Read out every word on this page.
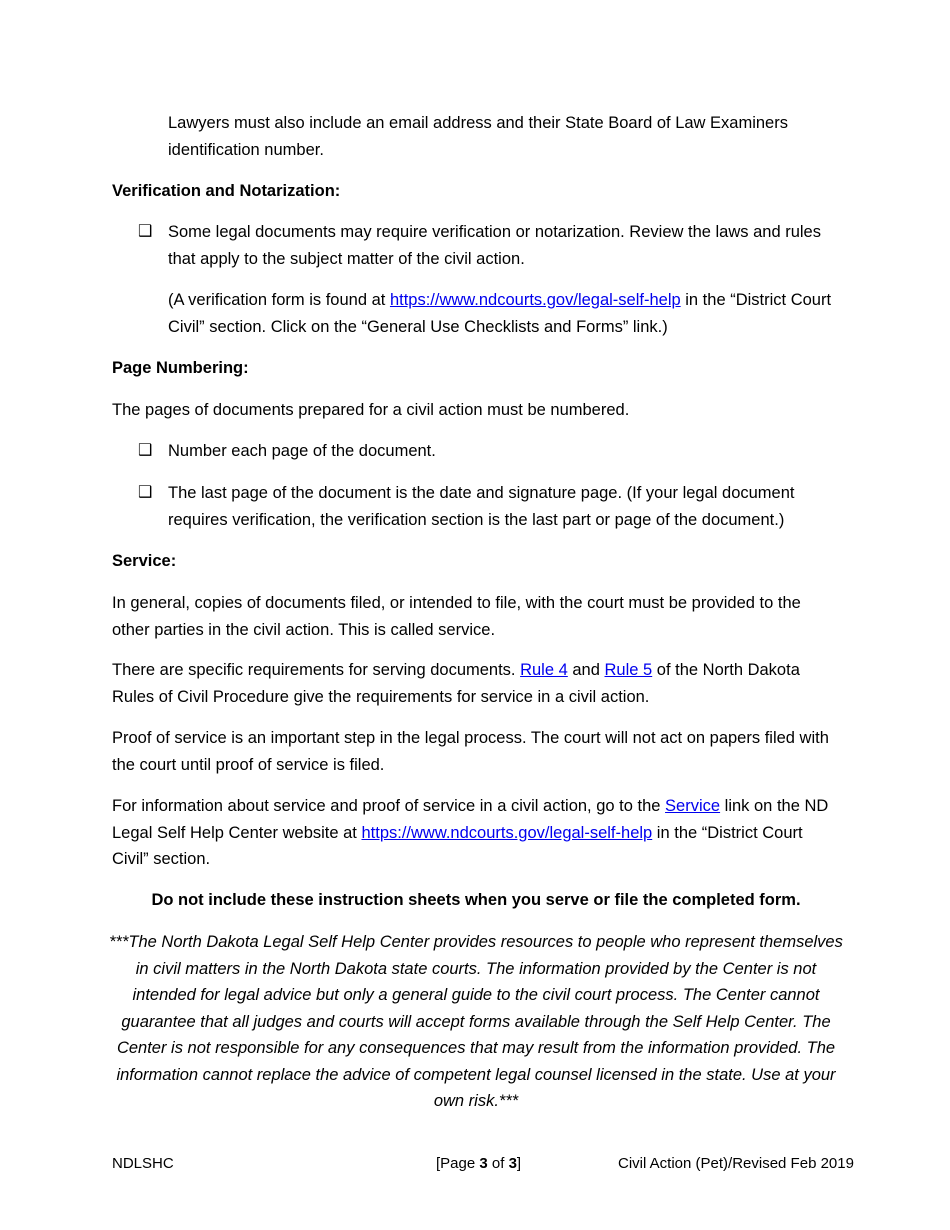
Lawyers must also include an email address and their State Board of Law Examiners identification number.
Verification and Notarization:
❑ Some legal documents may require verification or notarization. Review the laws and rules that apply to the subject matter of the civil action.
(A verification form is found at https://www.ndcourts.gov/legal-self-help in the “District Court Civil” section. Click on the “General Use Checklists and Forms” link.)
Page Numbering:
The pages of documents prepared for a civil action must be numbered.
❑ Number each page of the document.
❑ The last page of the document is the date and signature page. (If your legal document requires verification, the verification section is the last part or page of the document.)
Service:
In general, copies of documents filed, or intended to file, with the court must be provided to the other parties in the civil action. This is called service.
There are specific requirements for serving documents. Rule 4 and Rule 5 of the North Dakota Rules of Civil Procedure give the requirements for service in a civil action.
Proof of service is an important step in the legal process. The court will not act on papers filed with the court until proof of service is filed.
For information about service and proof of service in a civil action, go to the Service link on the ND Legal Self Help Center website at https://www.ndcourts.gov/legal-self-help in the “District Court Civil” section.
Do not include these instruction sheets when you serve or file the completed form.
***The North Dakota Legal Self Help Center provides resources to people who represent themselves in civil matters in the North Dakota state courts. The information provided by the Center is not intended for legal advice but only a general guide to the civil court process. The Center cannot guarantee that all judges and courts will accept forms available through the Self Help Center. The Center is not responsible for any consequences that may result from the information provided. The information cannot replace the advice of competent legal counsel licensed in the state. Use at your own risk.***
NDLSHC	[Page 3 of 3]	Civil Action (Pet)/Revised Feb 2019
